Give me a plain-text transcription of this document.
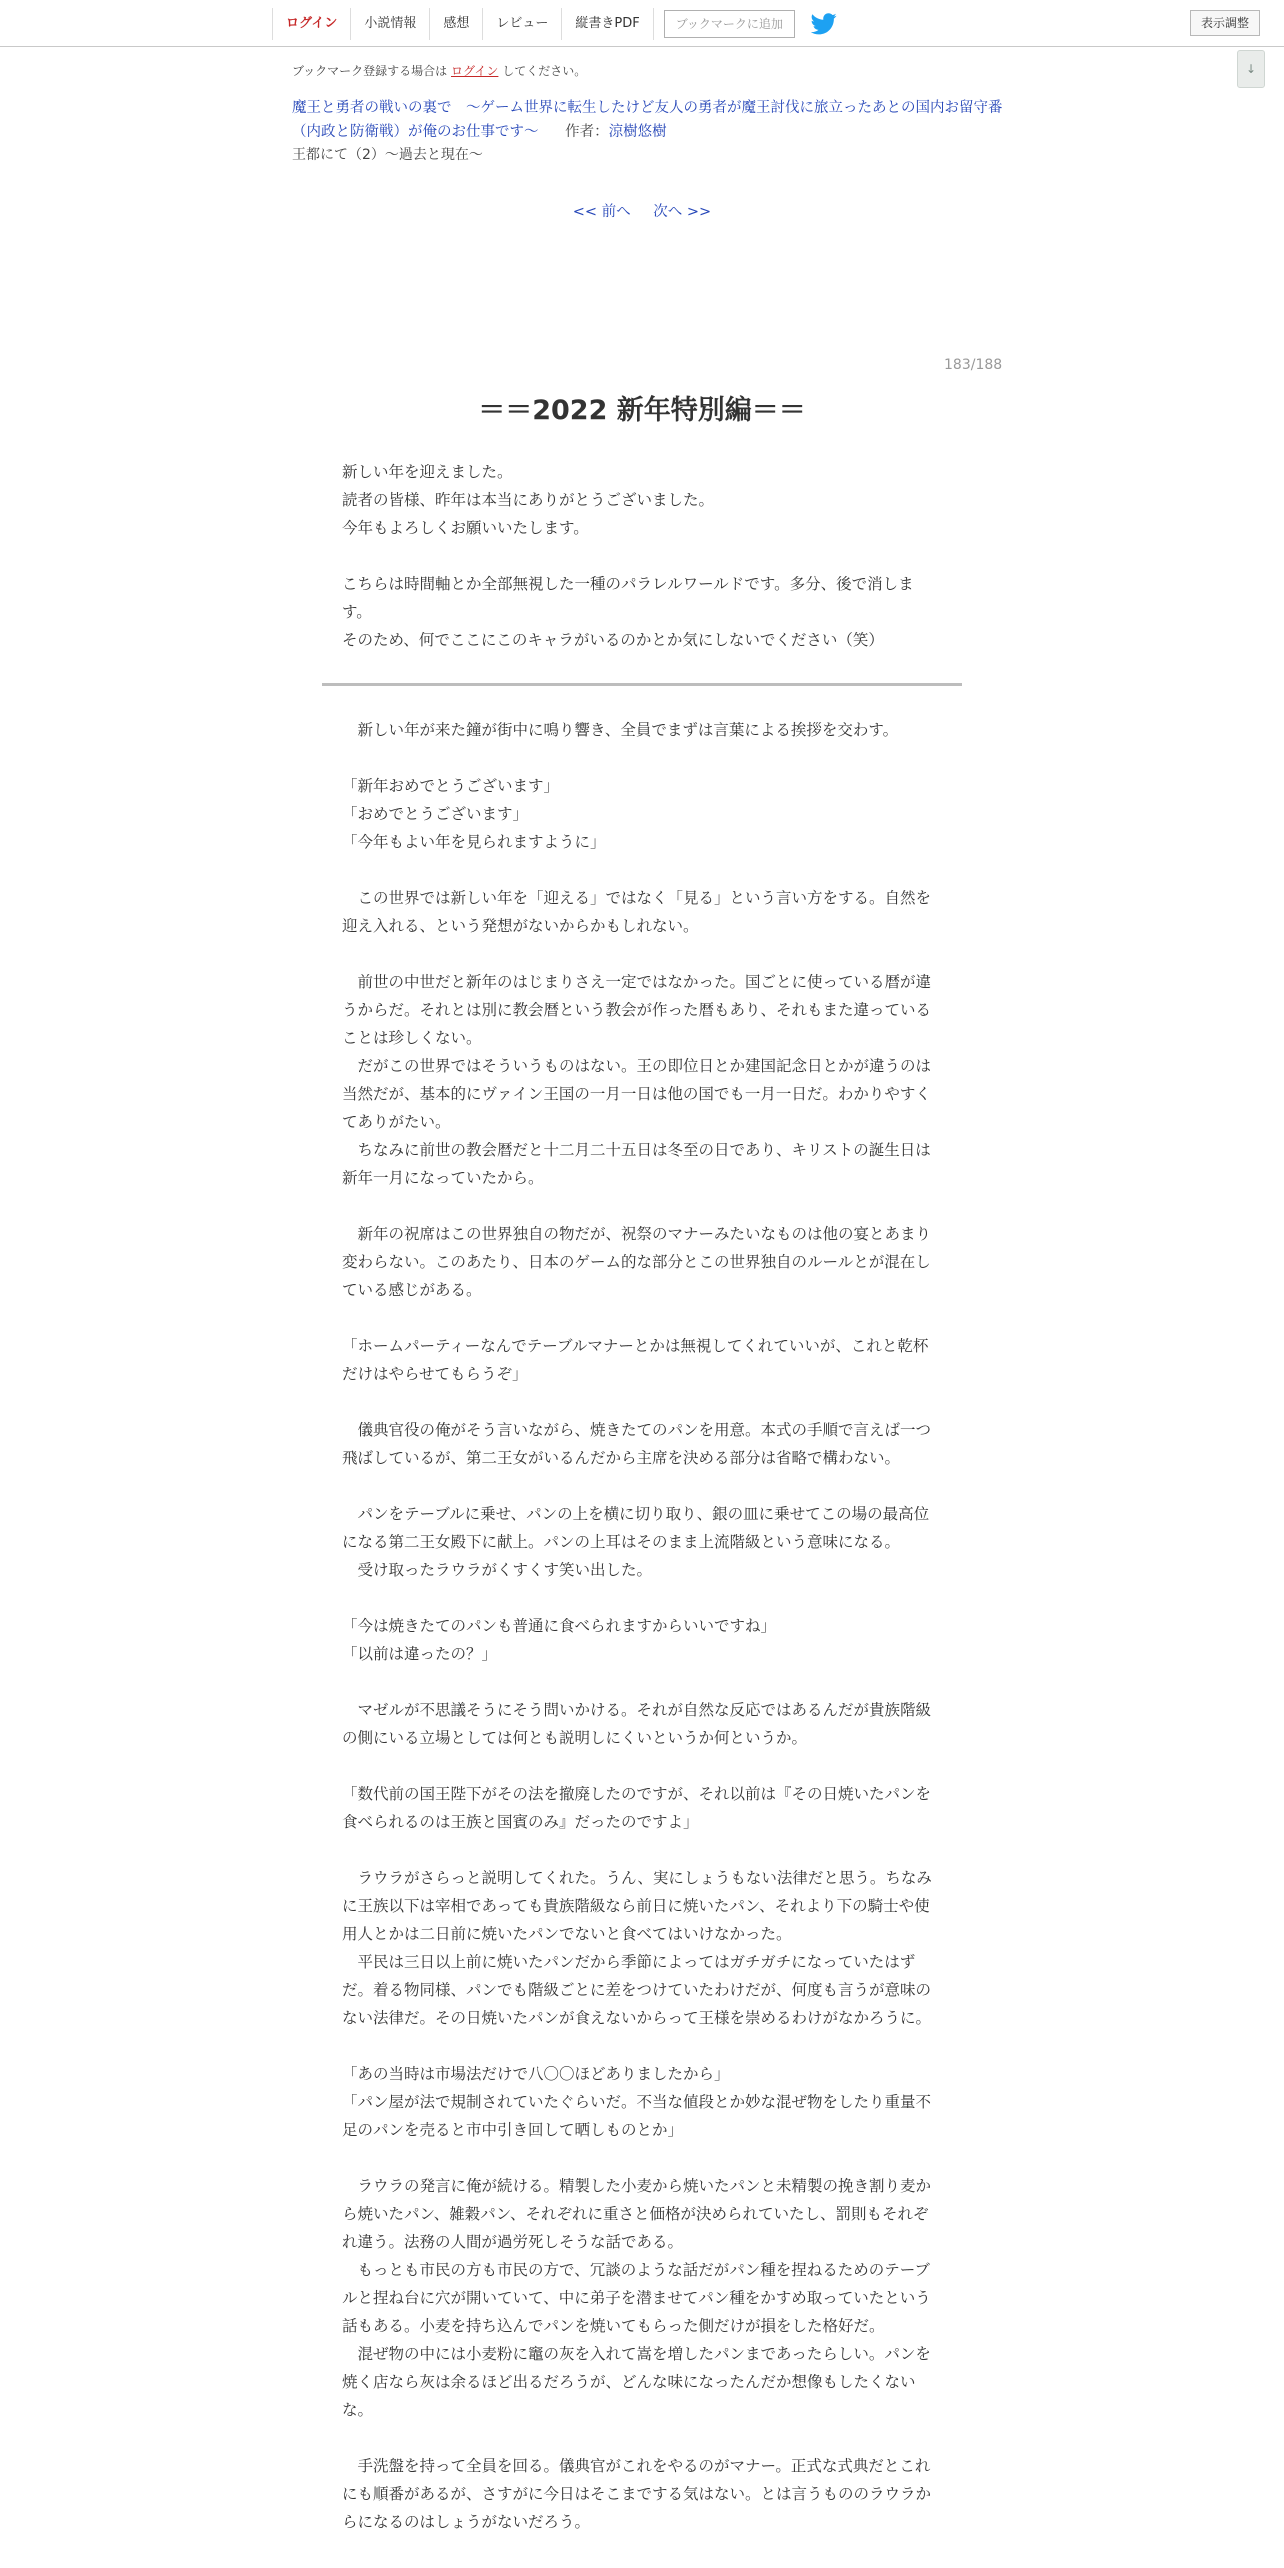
ログイン	小説情報	感想	レビュー	縦書きPDF	ブックマークに追加	表示調整
↓
ブックマーク登録する場合は ログイン してください。
魔王と勇者の戦いの裏で　～ゲーム世界に転生したけど友人の勇者が魔王討伐に旅立ったあとの国内お留守番（内政と防衛戦）が俺のお仕事です～ 作者：涼樹悠樹
王都にて（2）～過去と現在～
<< 前へ 次へ >>
183/188
＝＝2022 新年特別編＝＝

新しい年を迎えました。

読者の皆様、昨年は本当にありがとうございました。

今年もよろしくお願いいたします。

こちらは時間軸とか全部無視した一種のパラレルワールドです。多分、後で消します。

そのため、何でここにこのキャラがいるのかとか気にしないでください（笑）

　新しい年が来た鐘が街中に鳴り響き、全員でまずは言葉による挨拶を交わす。

「新年おめでとうございます」

「おめでとうございます」

「今年もよい年を見られますように」

　この世界では新しい年を「迎える」ではなく「見る」という言い方をする。自然を迎え入れる、という発想がないからかもしれない。

　前世の中世だと新年のはじまりさえ一定ではなかった。国ごとに使っている暦が違うからだ。それとは別に教会暦という教会が作った暦もあり、それもまた違っていることは珍しくない。

　だがこの世界ではそういうものはない。王の即位日とか建国記念日とかが違うのは当然だが、基本的にヴァイン王国の一月一日は他の国でも一月一日だ。わかりやすくてありがたい。

　ちなみに前世の教会暦だと十二月二十五日は冬至の日であり、キリストの誕生日は新年一月になっていたから。

　新年の祝席はこの世界独自の物だが、祝祭のマナーみたいなものは他の宴とあまり変わらない。このあたり、日本のゲーム的な部分とこの世界独自のルールとが混在している感じがある。

「ホームパーティーなんでテーブルマナーとかは無視してくれていいが、これと乾杯だけはやらせてもらうぞ」

　儀典官役の俺がそう言いながら、焼きたてのパンを用意。本式の手順で言えば一つ飛ばしているが、第二王女がいるんだから主席を決める部分は省略で構わない。

　パンをテーブルに乗せ、パンの上を横に切り取り、銀の皿に乗せてこの場の最高位になる第二王女殿下に献上。パンの上耳はそのまま上流階級という意味になる。

　受け取ったラウラがくすくす笑い出した。

「今は焼きたてのパンも普通に食べられますからいいですね」

「以前は違ったの？」

　マゼルが不思議そうにそう問いかける。それが自然な反応ではあるんだが貴族階級の側にいる立場としては何とも説明しにくいというか何というか。

「数代前の国王陛下がその法を撤廃したのですが、それ以前は『その日焼いたパンを食べられるのは王族と国賓のみ』だったのですよ」

　ラウラがさらっと説明してくれた。うん、実にしょうもない法律だと思う。ちなみに王族以下は宰相であっても貴族階級なら前日に焼いたパン、それより下の騎士や使用人とかは二日前に焼いたパンでないと食べてはいけなかった。

　平民は三日以上前に焼いたパンだから季節によってはガチガチになっていたはずだ。着る物同様、パンでも階級ごとに差をつけていたわけだが、何度も言うが意味のない法律だ。その日焼いたパンが食えないからって王様を崇めるわけがなかろうに。

「あの当時は市場法だけで八〇〇ほどありましたから」

「パン屋が法で規制されていたぐらいだ。不当な値段とか妙な混ぜ物をしたり重量不足のパンを売ると市中引き回して晒しものとか」

　ラウラの発言に俺が続ける。精製した小麦から焼いたパンと未精製の挽き割り麦から焼いたパン、雑穀パン、それぞれに重さと価格が決められていたし、罰則もそれぞれ違う。法務の人間が過労死しそうな話である。

　もっとも市民の方も市民の方で、冗談のような話だがパン種を捏ねるためのテーブルと捏ね台に穴が開いていて、中に弟子を潜ませてパン種をかすめ取っていたという話もある。小麦を持ち込んでパンを焼いてもらった側だけが損をした格好だ。

　混ぜ物の中には小麦粉に竈の灰を入れて嵩を増したパンまであったらしい。パンを焼く店なら灰は余るほど出るだろうが、どんな味になったんだか想像もしたくないな。

　手洗盤を持って全員を回る。儀典官がこれをやるのがマナー。正式な式典だとこれにも順番があるが、さすがに今日はそこまでする気はない。とは言うもののラウラからになるのはしょうがないだろう。
